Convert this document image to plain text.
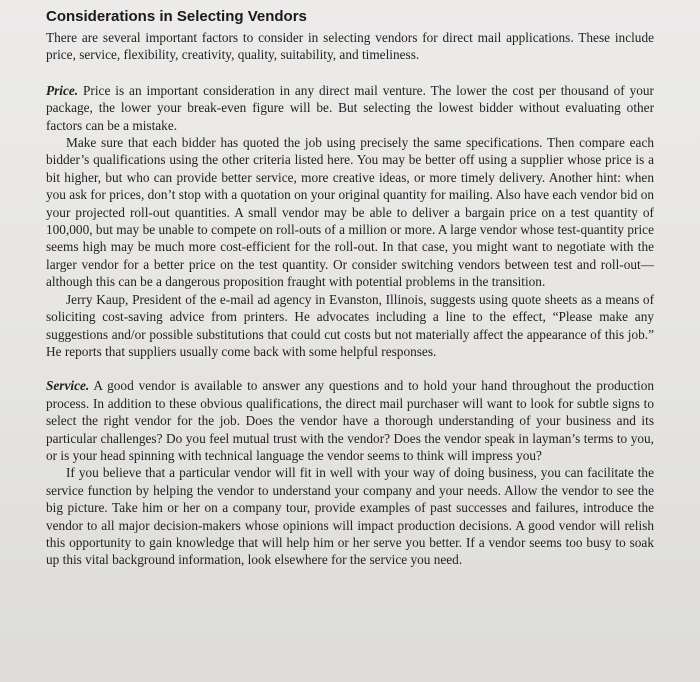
Considerations in Selecting Vendors

There are several important factors to consider in selecting vendors for direct mail applications. These include price, service, flexibility, creativity, quality, suitability, and timeliness.

Price. Price is an important consideration in any direct mail venture. The lower the cost per thousand of your package, the lower your break-even figure will be. But selecting the lowest bidder without evaluating other factors can be a mistake.

Make sure that each bidder has quoted the job using precisely the same specifications. Then compare each bidder’s qualifications using the other criteria listed here. You may be better off using a supplier whose price is a bit higher, but who can provide better service, more creative ideas, or more timely delivery. Another hint: when you ask for prices, don’t stop with a quotation on your original quantity for mailing. Also have each vendor bid on your projected roll-out quantities. A small vendor may be able to deliver a bargain price on a test quantity of 100,000, but may be unable to compete on roll-outs of a million or more. A large vendor whose test-quantity price seems high may be much more cost-efficient for the roll-out. In that case, you might want to negotiate with the larger vendor for a better price on the test quantity. Or consider switching vendors between test and roll-out—although this can be a dangerous proposition fraught with potential problems in the transition.

Jerry Kaup, President of the e-mail ad agency in Evanston, Illinois, suggests using quote sheets as a means of soliciting cost-saving advice from printers. He advocates including a line to the effect, “Please make any suggestions and/or possible substitutions that could cut costs but not materially affect the appearance of this job.” He reports that suppliers usually come back with some helpful responses.

Service. A good vendor is available to answer any questions and to hold your hand throughout the production process. In addition to these obvious qualifications, the direct mail purchaser will want to look for subtle signs to select the right vendor for the job. Does the vendor have a thorough understanding of your business and its particular challenges? Do you feel mutual trust with the vendor? Does the vendor speak in layman’s terms to you, or is your head spinning with technical language the vendor seems to think will impress you?

If you believe that a particular vendor will fit in well with your way of doing business, you can facilitate the service function by helping the vendor to understand your company and your needs. Allow the vendor to see the big picture. Take him or her on a company tour, provide examples of past successes and failures, introduce the vendor to all major decision-makers whose opinions will impact production decisions. A good vendor will relish this opportunity to gain knowledge that will help him or her serve you better. If a vendor seems too busy to soak up this vital background information, look elsewhere for the service you need.
